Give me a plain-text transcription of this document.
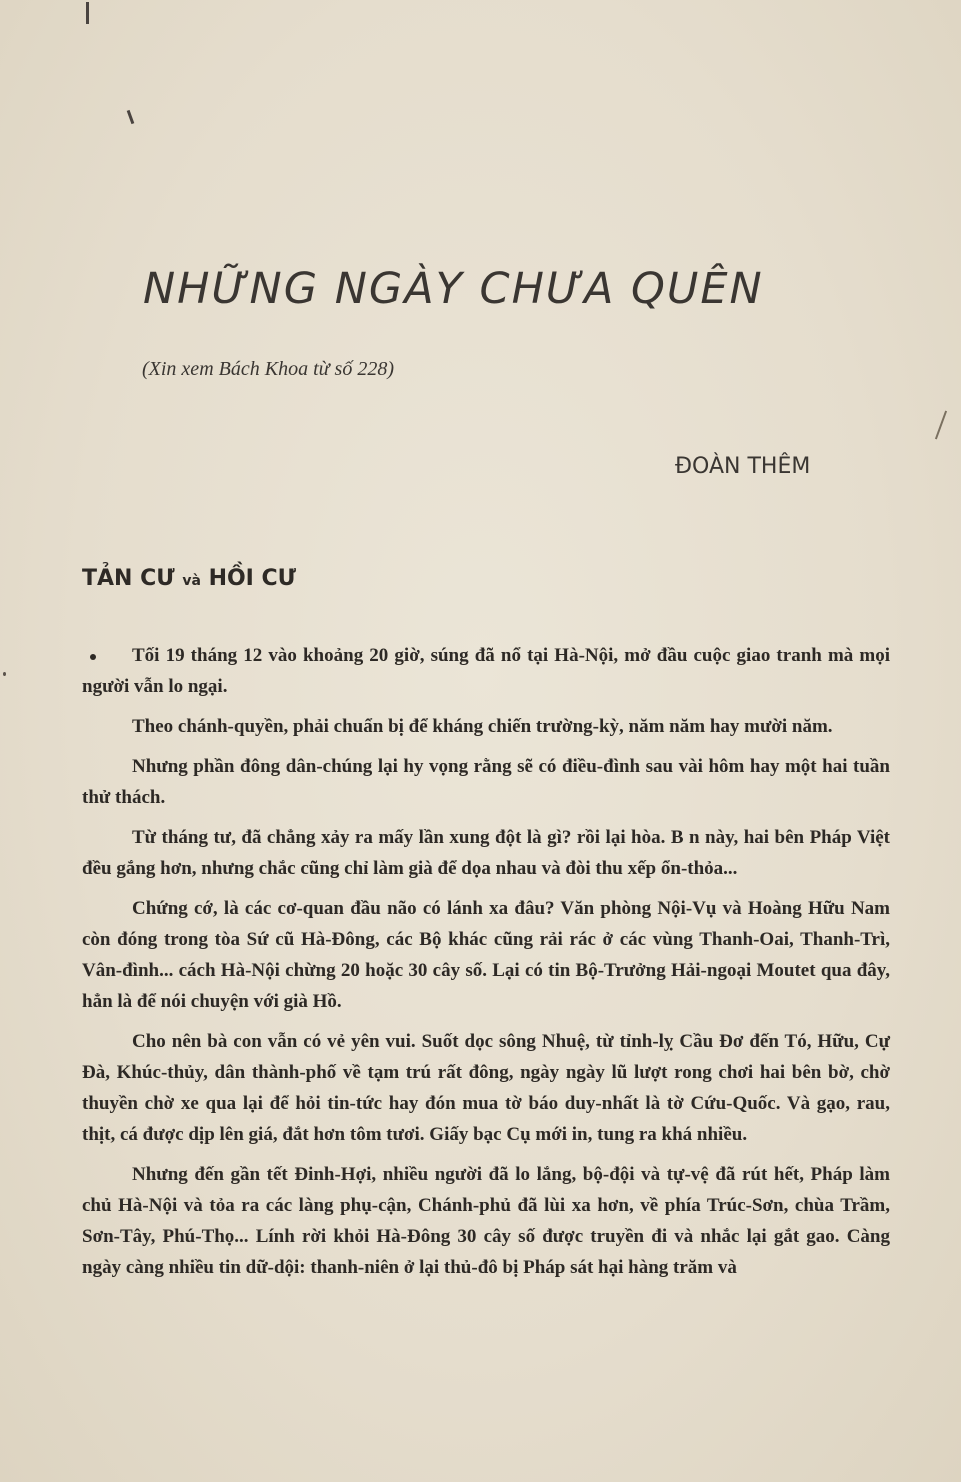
NHỮNG NGÀY CHƯA QUÊN
(Xin xem Bách Khoa từ số 228)
ĐOÀN THÊM
TẢN CƯ và HỒI CƯ

Tối 19 tháng 12 vào khoảng 20 giờ, súng đã nổ tại Hà-Nội, mở đầu cuộc giao tranh mà mọi người vẫn lo ngại.

Theo chánh-quyền, phải chuẩn bị để kháng chiến trường-kỳ, năm năm hay mười năm.

Nhưng phần đông dân-chúng lại hy vọng rằng sẽ có điều-đình sau vài hôm hay một hai tuần thử thách.

Từ tháng tư, đã chẳng xảy ra mấy lần xung đột là gì? rồi lại hòa. B n này, hai bên Pháp Việt đều gắng hơn, nhưng chắc cũng chỉ làm già để dọa nhau và đòi thu xếp ổn-thỏa...

Chứng cớ, là các cơ-quan đầu não có lánh xa đâu? Văn phòng Nội-Vụ và Hoàng Hữu Nam còn đóng trong tòa Sứ cũ Hà-Đông, các Bộ khác cũng rải rác ở các vùng Thanh-Oai, Thanh-Trì, Vân-đình... cách Hà-Nội chừng 20 hoặc 30 cây số. Lại có tin Bộ-Trưởng Hải-ngoại Moutet qua đây, hẳn là để nói chuyện với già Hồ.

Cho nên bà con vẫn có vẻ yên vui. Suốt dọc sông Nhuệ, từ tỉnh-lỵ Cầu Đơ đến Tó, Hữu, Cự Đà, Khúc-thủy, dân thành-phố về tạm trú rất đông, ngày ngày lũ lượt rong chơi hai bên bờ, chờ thuyền chờ xe qua lại để hỏi tin-tức hay đón mua tờ báo duy-nhất là tờ Cứu-Quốc. Và gạo, rau, thịt, cá được dịp lên giá, đắt hơn tôm tươi. Giấy bạc Cụ mới in, tung ra khá nhiều.

Nhưng đến gần tết Đinh-Hợi, nhiều người đã lo lắng, bộ-đội và tự-vệ đã rút hết, Pháp làm chủ Hà-Nội và tỏa ra các làng phụ-cận, Chánh-phủ đã lùi xa hơn, về phía Trúc-Sơn, chùa Trầm, Sơn-Tây, Phú-Thọ... Lính rời khỏi Hà-Đông 30 cây số được truyền đi và nhắc lại gắt gao. Càng ngày càng nhiều tin dữ-dội: thanh-niên ở lại thủ-đô bị Pháp sát hại hàng trăm và
